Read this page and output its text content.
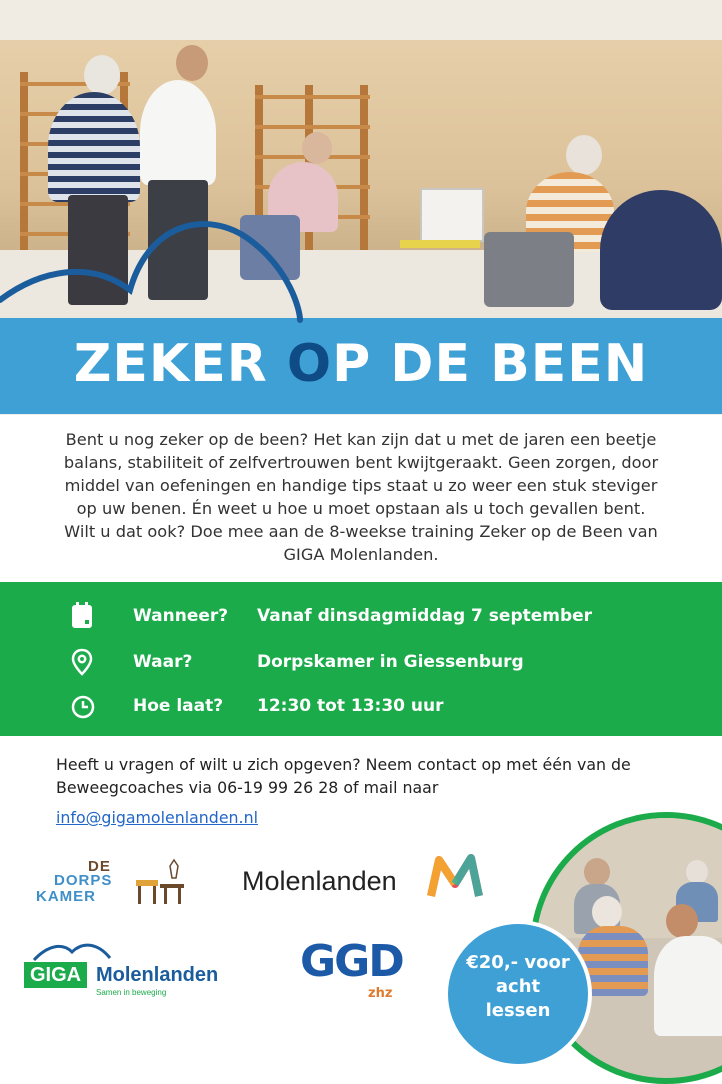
ZEKER OP DE BEEN
Bent u nog zeker op de been? Het kan zijn dat u met de jaren een beetje balans, stabiliteit of zelfvertrouwen bent kwijtgeraakt. Geen zorgen, door middel van oefeningen en handige tips staat u zo weer een stuk steviger op uw benen. Én weet u hoe u moet opstaan als u toch gevallen bent. Wilt u dat ook? Doe mee aan de 8-weekse training Zeker op de Been van GIGA Molenlanden.
Wanneer? Vanaf dinsdagmiddag 7 september
Waar?	Dorpskamer in Giessenburg
Hoe laat? 12:30 tot 13:30 uur
Heeft u vragen of wilt u zich opgeven? Neem contact op met één van de Beweegcoaches via 06-19 99 26 28 of mail naar
info@gigamolenlanden.nl
DE
DORPS
KAMER
Molenlanden
GIGA Molenlanden
Samen in beweging
GGD
zhz
€20,- voor
acht
lessen
